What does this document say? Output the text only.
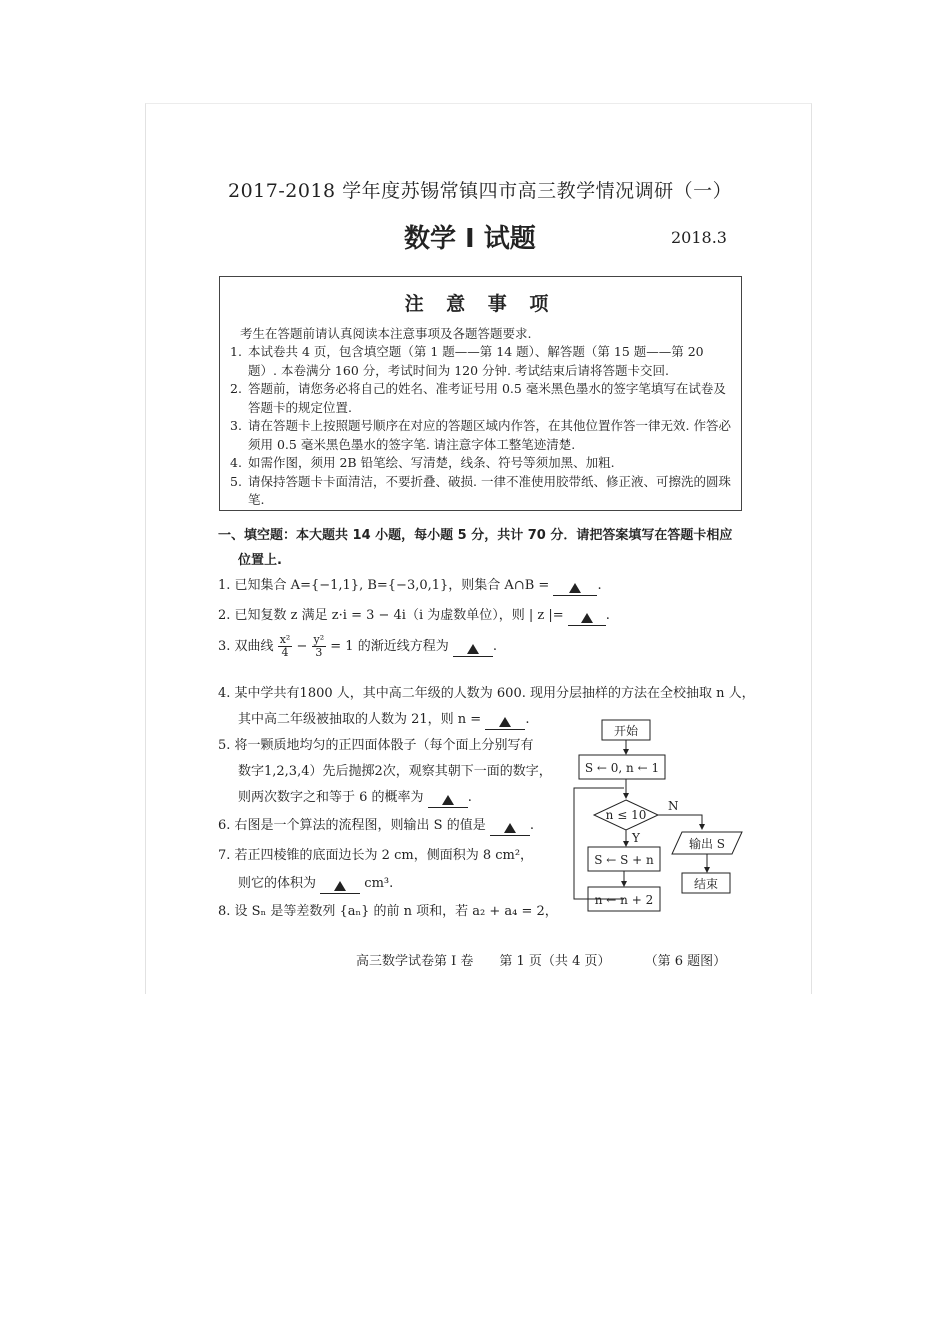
2017-2018 学年度苏锡常镇四市高三教学情况调研（一）
数学 Ⅰ 试题	2018.3
注 意 事 项
考生在答题前请认真阅读本注意事项及各题答题要求.
1. 本试卷共 4 页，包含填空题（第 1 题——第 14 题）、解答题（第 15 题——第 20 题）. 本卷满分 160 分，考试时间为 120 分钟. 考试结束后请将答题卡交回.
2. 答题前，请您务必将自己的姓名、准考证号用 0.5 毫米黑色墨水的签字笔填写在试卷及答题卡的规定位置.
3. 请在答题卡上按照题号顺序在对应的答题区域内作答，在其他位置作答一律无效. 作答必须用 0.5 毫米黑色墨水的签字笔. 请注意字体工整笔迹清楚.
4. 如需作图，须用 2B 铅笔绘、写清楚，线条、符号等须加黑、加粗.
5. 请保持答题卡卡面清洁，不要折叠、破损. 一律不准使用胶带纸、修正液、可擦洗的圆珠笔.
一、填空题：本大题共 14 小题，每小题 5 分，共计 70 分．请把答案填写在答题卡相应
位置上.
1. 已知集合 A={−1,1}, B={−3,0,1}，则集合 A∩B =	.
2. 已知复数 z 满足 z·i = 3 − 4i（i 为虚数单位），则 | z |=	.
3. 双曲线 $\frac{\text{x²}}{4} - \frac{\text{y²}}{3} = 1$ 的渐近线方程为	.
4. 某中学共有1800 人，其中高二年级的人数为 600. 现用分层抽样的方法在全校抽取 n 人，
其中高二年级被抽取的人数为 21，则 n =	.
5. 将一颗质地均匀的正四面体骰子（每个面上分别写有
数字1,2,3,4）先后抛掷2次，观察其朝下一面的数字，
则两次数字之和等于 6 的概率为	.
6. 右图是一个算法的流程图，则输出 S 的值是	.
7. 若正四棱锥的底面边长为 2 cm，侧面积为 8 cm²，
则它的体积为	cm³.
8. 设 Sₙ 是等差数列 {aₙ} 的前 n 项和，若 a₂ + a₄ = 2，
开始
S ← 0, n ← 1
n ≤ 10
N
输出 S
结束
Y
S ← S + n
n ← n + 2
高三数学试卷第 Ⅰ 卷　　第 1 页（共 4 页）	（第 6 题图）
